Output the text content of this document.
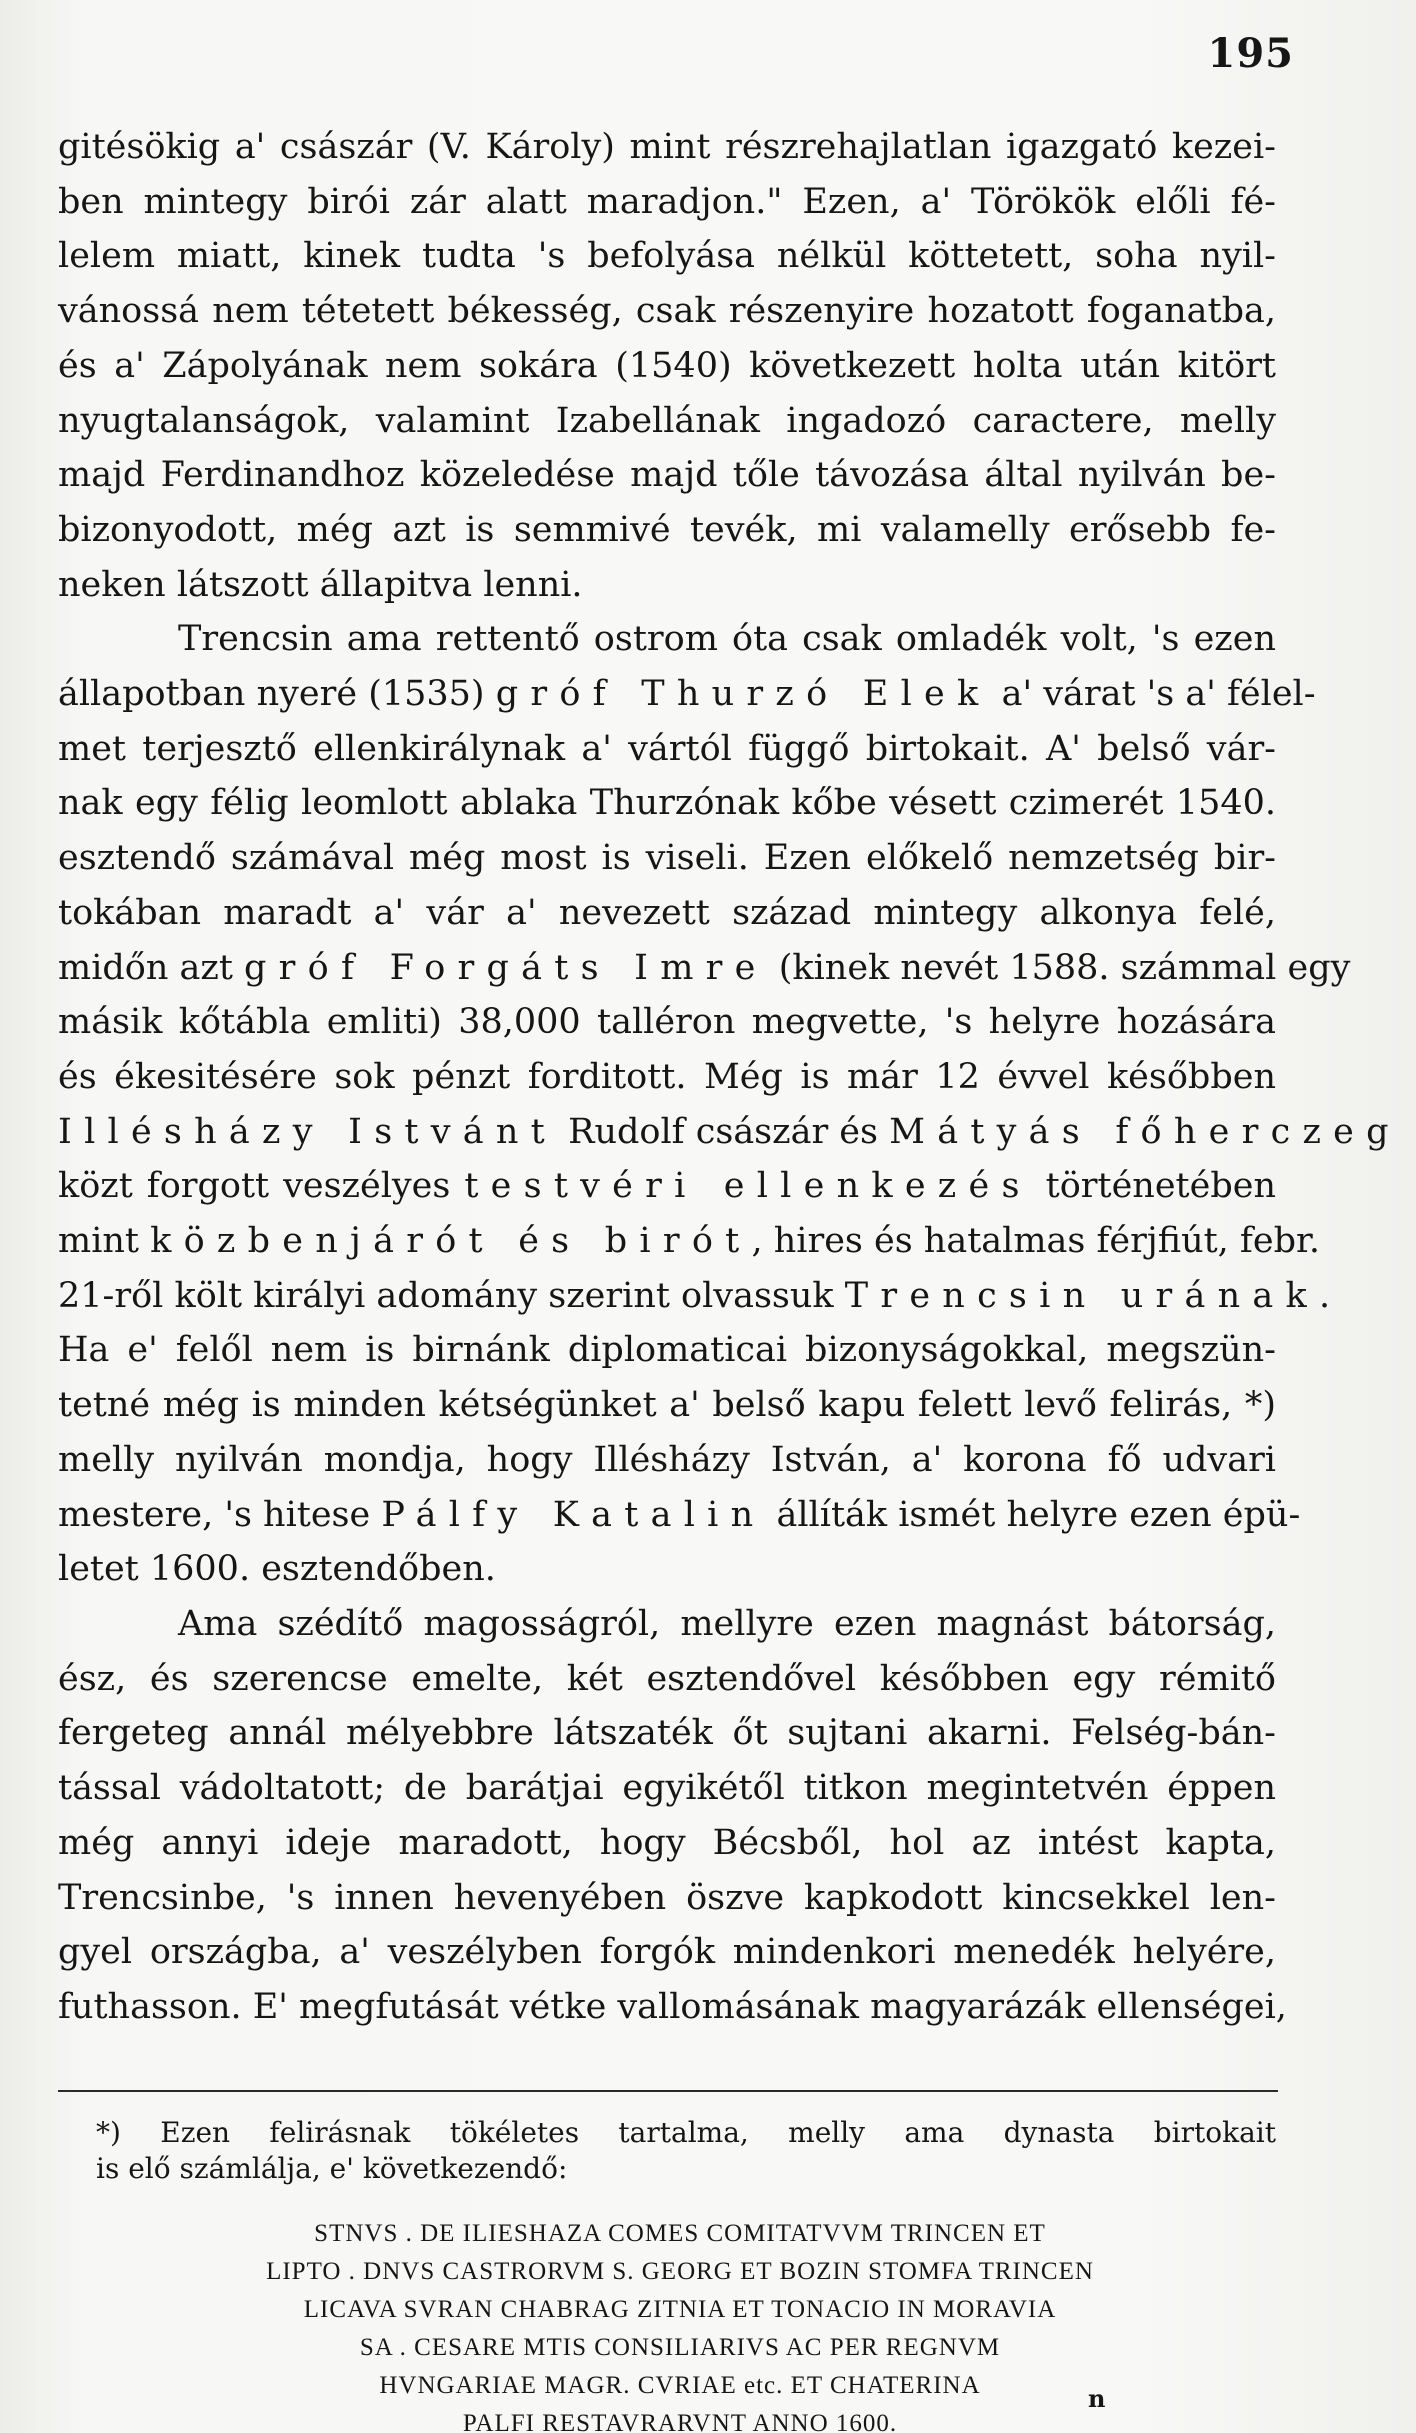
195
gitésökig a' császár (V. Károly) mint részrehajlatlan igazgató kezei-
ben mintegy birói zár alatt maradjon." Ezen, a' Törökök előli fé-
lelem miatt, kinek tudta 's befolyása nélkül köttetett, soha nyil-
vánossá nem tétetett békesség, csak részenyire hozatott foganatba,
és a' Zápolyának nem sokára (1540) következett holta után kitört
nyugtalanságok, valamint Izabellának ingadozó caractere, melly
majd Ferdinandhoz közeledése majd tőle távozása által nyilván be-
bizonyodott, még azt is semmivé tevék, mi valamelly erősebb fe-
neken látszott állapitva lenni.
Trencsin ama rettentő ostrom óta csak omladék volt, 's ezen
állapotban nyeré (1535) gróf Thurzó Elek a' várat 's a' félel-
met terjesztő ellenkirálynak a' vártól függő birtokait. A' belső vár-
nak egy félig leomlott ablaka Thurzónak kőbe vésett czimerét 1540.
esztendő számával még most is viseli. Ezen előkelő nemzetség bir-
tokában maradt a' vár a' nevezett század mintegy alkonya felé,
midőn azt gróf Forgáts Imre (kinek nevét 1588. számmal egy
másik kőtábla emliti) 38,000 talléron megvette, 's helyre hozására
és ékesitésére sok pénzt forditott. Még is már 12 évvel későbben
Illésházy Istvánt Rudolf császár és Mátyás főherczeg
közt forgott veszélyes testvéri ellenkezés történetében
mint közbenjárót és birót, hires és hatalmas férjfiút, febr.
21-ről költ királyi adomány szerint olvassuk Trencsin urának.
Ha e' felől nem is birnánk diplomaticai bizonyságokkal, megszün-
tetné még is minden kétségünket a' belső kapu felett levő felirás, *)
melly nyilván mondja, hogy Illésházy István, a' korona fő udvari
mestere, 's hitese Pálfy Katalin állíták ismét helyre ezen épü-
letet 1600. esztendőben.
Ama szédítő magosságról, mellyre ezen magnást bátorság,
ész, és szerencse emelte, két esztendővel későbben egy rémitő
fergeteg annál mélyebbre látszaték őt sujtani akarni. Felség-bán-
tással vádoltatott; de barátjai egyikétől titkon megintetvén éppen
még annyi ideje maradott, hogy Bécsből, hol az intést kapta,
Trencsinbe, 's innen hevenyében öszve kapkodott kincsekkel len-
gyel országba, a' veszélyben forgók mindenkori menedék helyére,
futhasson. E' megfutását vétke vallomásának magyarázák ellenségei,
*) Ezen felirásnak tökéletes tartalma, melly ama dynasta birtokait
is elő számlálja, e' következendő:
STNVS . DE ILIESHAZA COMES COMITATVVM TRINCEN ET
LIPTO . DNVS CASTRORVM S. GEORG ET BOZIN STOMFA TRINCEN
LICAVA SVRAN CHABRAG ZITNIA ET TONACIO IN MORAVIA
SA . CESARE MTIS CONSILIARIVS AC PER REGNVM
HVNGARIAE MAGR. CVRIAE etc. ET CHATERINA
PALFI RESTAVRARVNT ANNO 1600.
n
